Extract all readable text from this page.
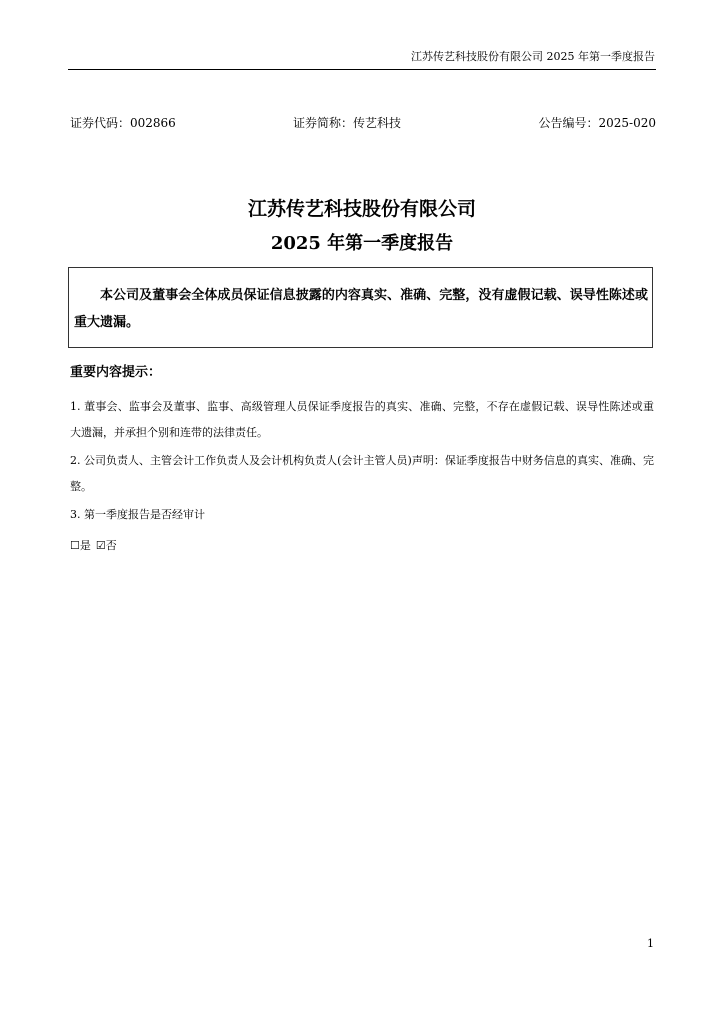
江苏传艺科技股份有限公司 2025 年第一季度报告
证券代码：002866	证券简称：传艺科技	公告编号：2025-020
江苏传艺科技股份有限公司
2025 年第一季度报告
本公司及董事会全体成员保证信息披露的内容真实、准确、完整，没有虚假记载、误导性陈述或重大遗漏。
重要内容提示：
1. 董事会、监事会及董事、监事、高级管理人员保证季度报告的真实、准确、完整，不存在虚假记载、误导性陈述或重大遗漏，并承担个别和连带的法律责任。
2. 公司负责人、主管会计工作负责人及会计机构负责人(会计主管人员)声明：保证季度报告中财务信息的真实、准确、完整。
3. 第一季度报告是否经审计
☐是 ☑否
1
